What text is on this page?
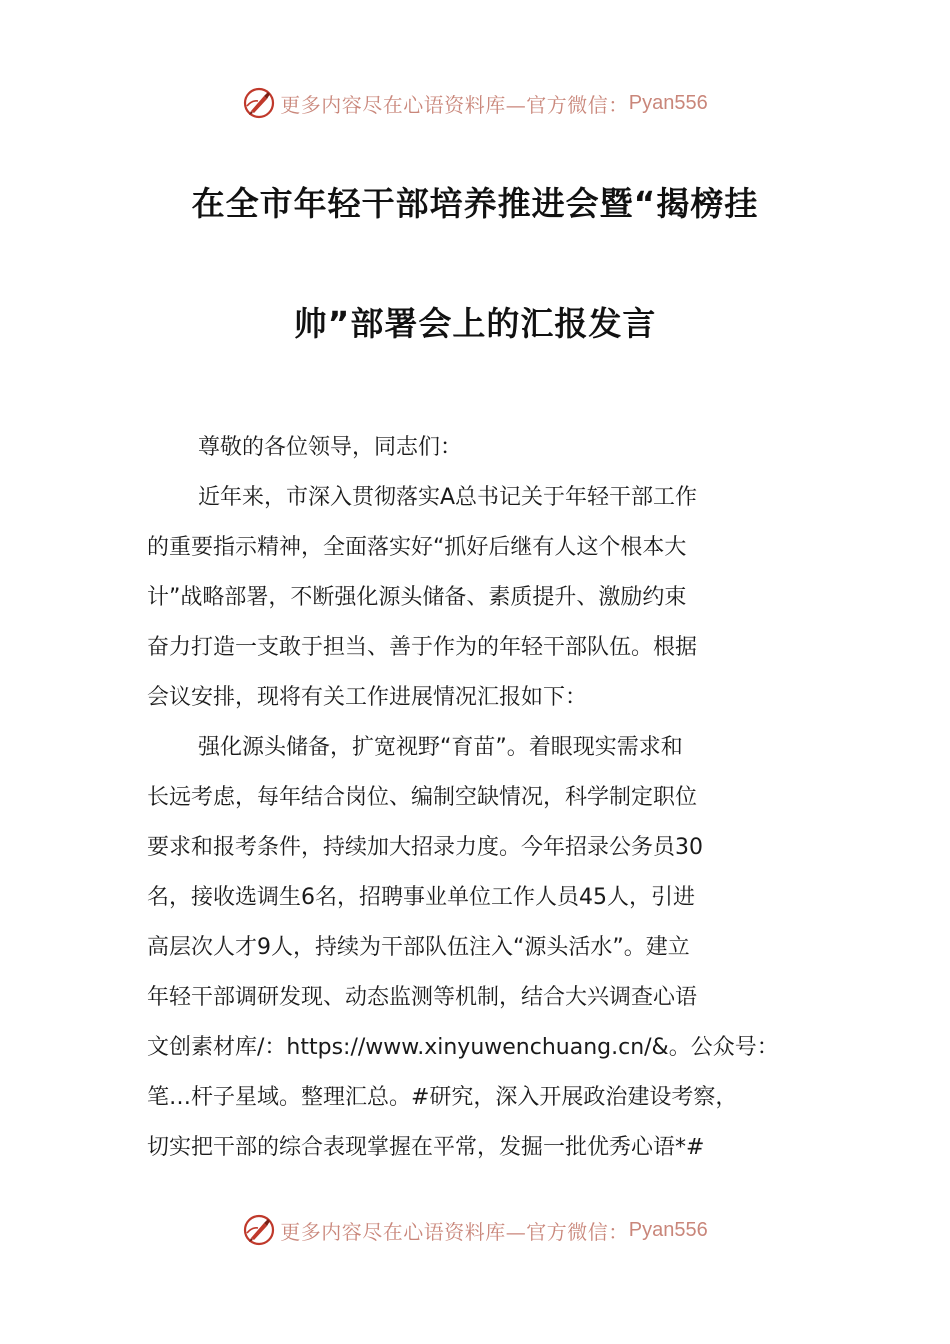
更多内容尽在心语资料库—官方微信： Pyan556
在全市年轻干部培养推进会暨“揭榜挂
帅”部署会上的汇报发言
尊敬的各位领导，同志们：
近年来，市深入贯彻落实A总书记关于年轻干部工作
的重要指示精神，全面落实好“抓好后继有人这个根本大
计”战略部署，不断强化源头储备、素质提升、激励约束
奋力打造一支敢于担当、善于作为的年轻干部队伍。根据
会议安排，现将有关工作进展情况汇报如下：
强化源头储备，扩宽视野“育苗”。着眼现实需求和
长远考虑，每年结合岗位、编制空缺情况，科学制定职位
要求和报考条件，持续加大招录力度。今年招录公务员30
名，接收选调生6名，招聘事业单位工作人员45人，引进
高层次人才9人，持续为干部队伍注入“源头活水”。建立
年轻干部调研发现、动态监测等机制，结合大兴调查心语
文创素材库/：https://www.xinyuwenchuang.cn/&。公众号：
笔…杆子星域。整理汇总。#研究，深入开展政治建设考察，
切实把干部的综合表现掌握在平常，发掘一批优秀心语*#
更多内容尽在心语资料库—官方微信： Pyan556
